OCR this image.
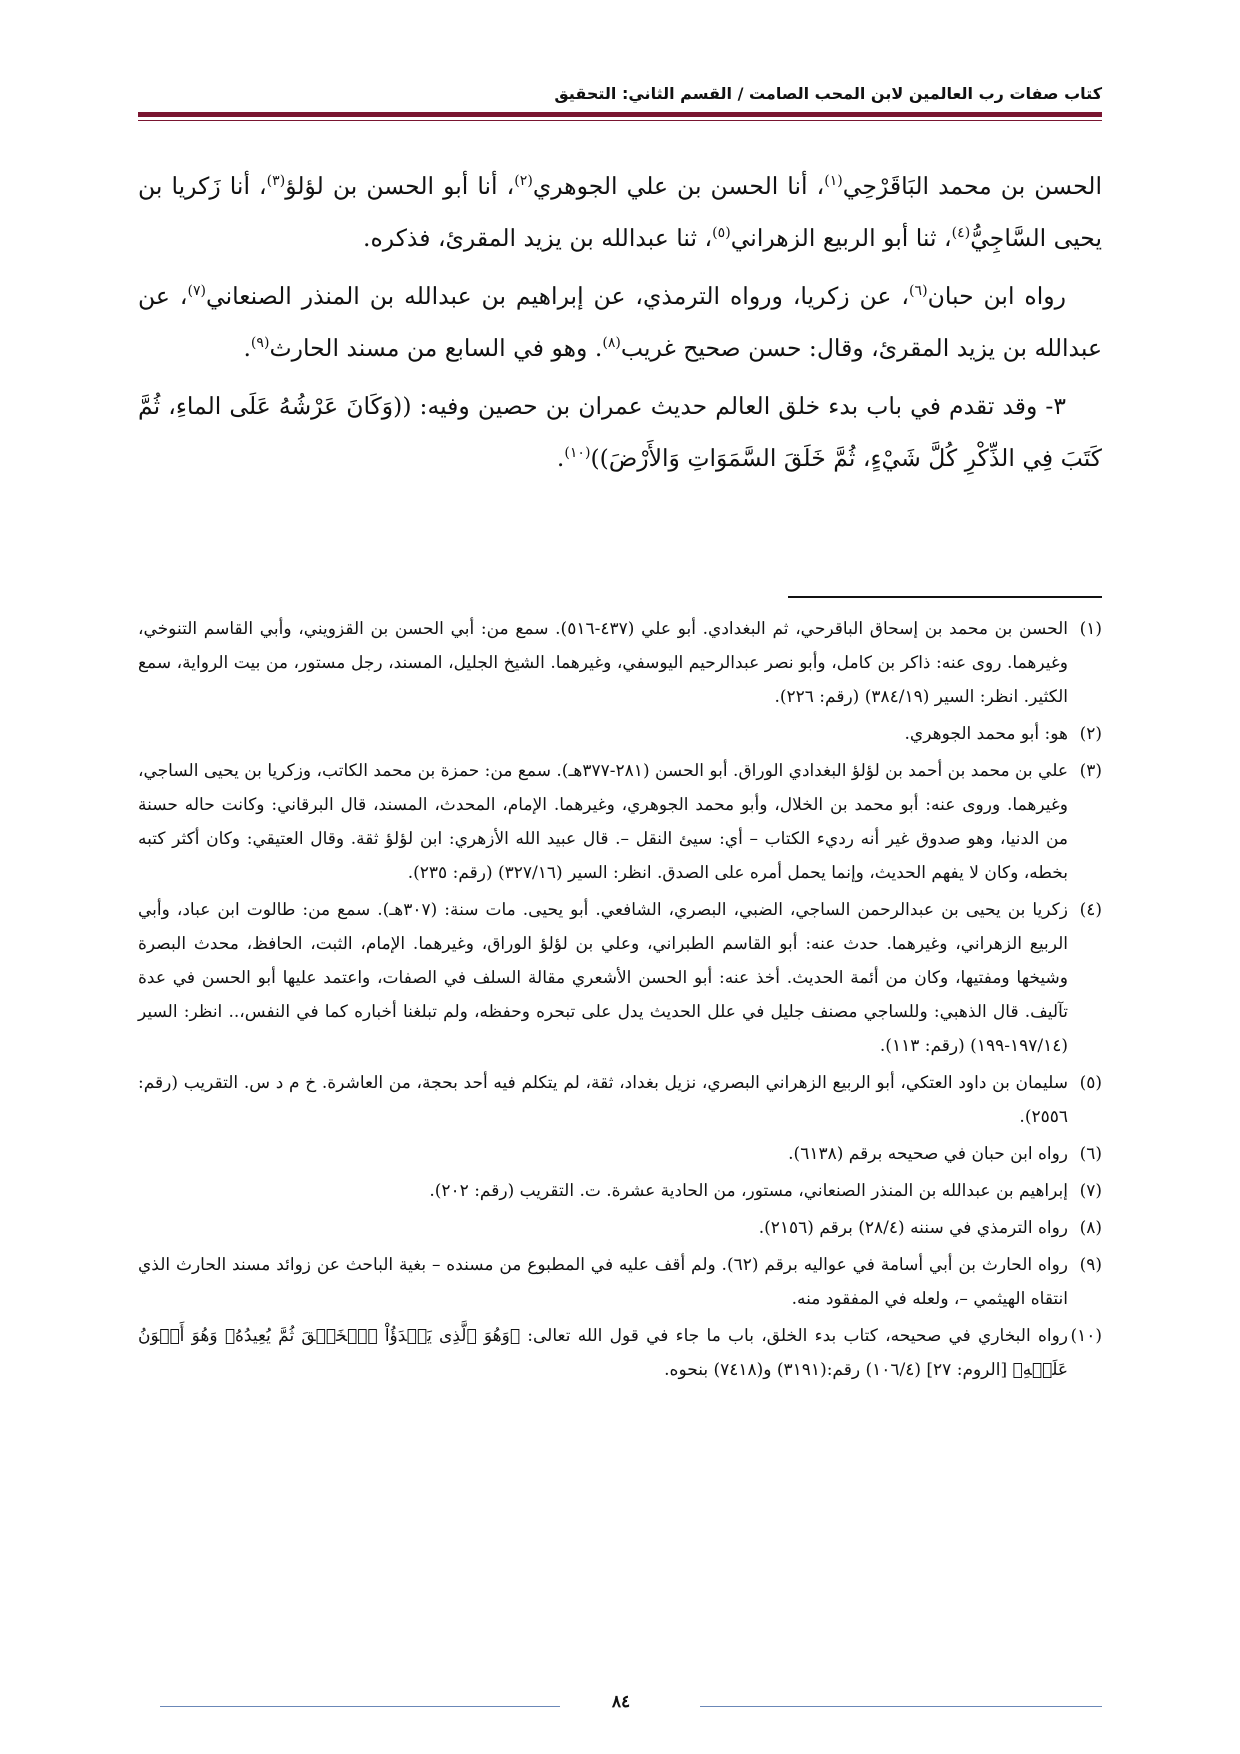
كتاب صفات رب العالمين لابن المحب الصامت / القسم الثاني: التحقيق

الحسن بن محمد البَاقَرْحِي$^{(١)}$، أنا الحسن بن علي الجوهري$^{(٢)}$، أنا أبو الحسن بن لؤلؤ$^{(٣)}$، أنا زَكريا بن يحيى السَّاجِيُّ$^{(٤)}$، ثنا أبو الربيع الزهراني$^{(٥)}$، ثنا عبدالله بن يزيد المقرئ، فذكره.

رواه ابن حبان$^{(٦)}$، عن زكريا، ورواه الترمذي، عن إبراهيم بن عبدالله بن المنذر الصنعاني$^{(٧)}$، عن عبدالله بن يزيد المقرئ، وقال: حسن صحيح غريب$^{(٨)}$. وهو في السابع من مسند الحارث$^{(٩)}$.

٣- وقد تقدم في باب بدء خلق العالم حديث عمران بن حصين وفيه: ((وَكَانَ عَرْشُهُ عَلَى الماءِ، ثُمَّ كَتَبَ فِي الذِّكْرِ كُلَّ شَيْءٍ، ثُمَّ خَلَقَ السَّمَوَاتِ وَالأَرْضَ))$^{(١٠)}$.

(١)الحسن بن محمد بن إسحاق الباقرحي، ثم البغدادي. أبو علي (٤٣٧-٥١٦). سمع من: أبي الحسن بن القزويني، وأبي القاسم التنوخي، وغيرهما. روى عنه: ذاكر بن كامل، وأبو نصر عبدالرحيم اليوسفي، وغيرهما. الشيخ الجليل، المسند، رجل مستور، من بيت الرواية، سمع الكثير. انظر: السير (٣٨٤/١٩) (رقم: ٢٢٦).

(٢)هو: أبو محمد الجوهري.

(٣)علي بن محمد بن أحمد بن لؤلؤ البغدادي الوراق. أبو الحسن (٢٨١-٣٧٧هـ). سمع من: حمزة بن محمد الكاتب، وزكريا بن يحيى الساجي، وغيرهما. وروى عنه: أبو محمد بن الخلال، وأبو محمد الجوهري، وغيرهما. الإمام، المحدث، المسند، قال البرقاني: وكانت حاله حسنة من الدنيا، وهو صدوق غير أنه رديء الكتاب – أي: سيئ النقل –. قال عبيد الله الأزهري: ابن لؤلؤ ثقة. وقال العتيقي: وكان أكثر كتبه بخطه، وكان لا يفهم الحديث، وإنما يحمل أمره على الصدق. انظر: السير (٣٢٧/١٦) (رقم: ٢٣٥).

(٤)زكريا بن يحيى بن عبدالرحمن الساجي، الضبي، البصري، الشافعي. أبو يحيى. مات سنة: (٣٠٧هـ). سمع من: طالوت ابن عباد، وأبي الربيع الزهراني، وغيرهما. حدث عنه: أبو القاسم الطبراني، وعلي بن لؤلؤ الوراق، وغيرهما. الإمام، الثبت، الحافظ، محدث البصرة وشيخها ومفتيها، وكان من أئمة الحديث. أخذ عنه: أبو الحسن الأشعري مقالة السلف في الصفات، واعتمد عليها أبو الحسن في عدة تآليف. قال الذهبي: وللساجي مصنف جليل في علل الحديث يدل على تبحره وحفظه، ولم تبلغنا أخباره كما في النفس،.. انظر: السير (١٩٧/١٤-١٩٩) (رقم: ١١٣).

(٥)سليمان بن داود العتكي، أبو الربيع الزهراني البصري، نزيل بغداد، ثقة، لم يتكلم فيه أحد بحجة، من العاشرة. خ م د س. التقريب (رقم: ٢٥٥٦).

(٦)رواه ابن حبان في صحيحه برقم (٦١٣٨).

(٧)إبراهيم بن عبدالله بن المنذر الصنعاني، مستور، من الحادية عشرة. ت. التقريب (رقم: ٢٠٢).

(٨)رواه الترمذي في سننه (٢٨/٤) برقم (٢١٥٦).

(٩)رواه الحارث بن أبي أسامة في عواليه برقم (٦٢). ولم أقف عليه في المطبوع من مسنده – بغية الباحث عن زوائد مسند الحارث الذي انتقاه الهيثمي –، ولعله في المفقود منه.

(١٠)رواه البخاري في صحيحه، كتاب بدء الخلق، باب ما جاء في قول الله تعالى: ﴿وَهُوَ ٱلَّذِى يَبۡدَؤُاْ ٱلۡخَلۡقَ ثُمَّ يُعِيدُهُۥ وَهُوَ أَهۡوَنُ عَلَيۡهِ﴾ [الروم: ٢٧] (١٠٦/٤) رقم:(٣١٩١) و(٧٤١٨) بنحوه.

٨٤
